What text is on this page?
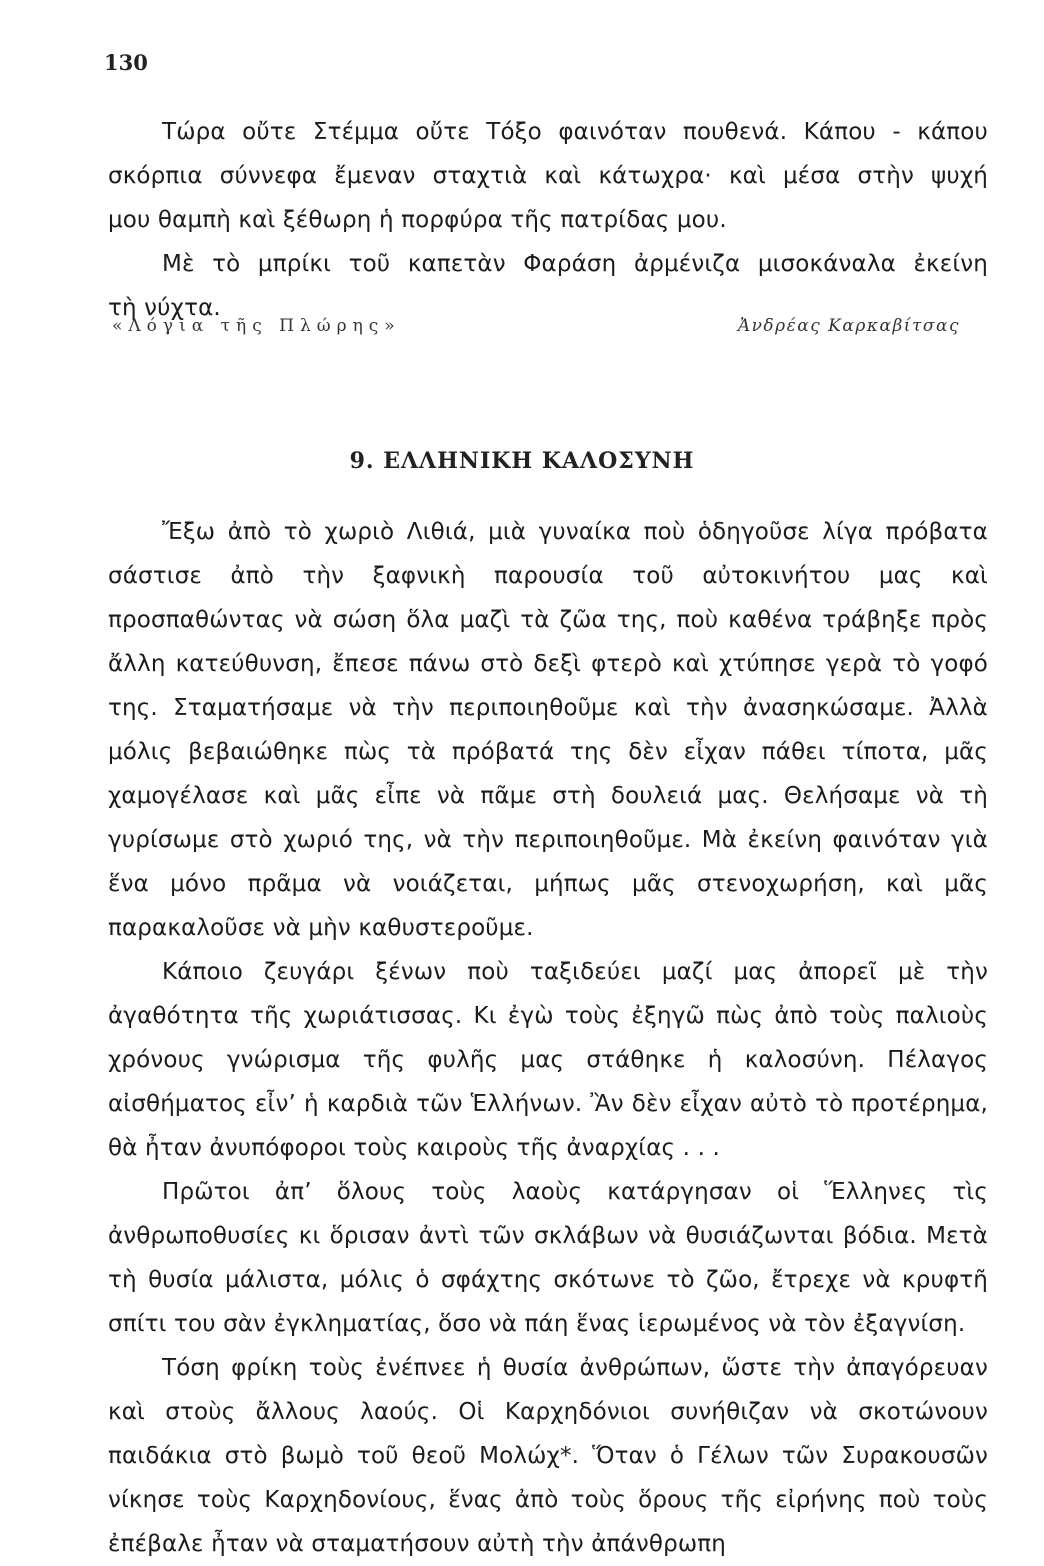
130
Τώρα οὔτε Στέμμα οὔτε Τόξο φαινόταν πουθενά. Κάπου - κάπου
σκόρπια σύννεφα ἔμεναν σταχτιὰ καὶ κάτωχρα· καὶ μέσα στὴν ψυχή
μου θαμπὴ καὶ ξέθωρη ἡ πορφύρα τῆς πατρίδας μου.
Μὲ τὸ μπρίκι τοῦ καπετὰν Φαράση ἀρμένιζα μισοκάναλα ἐκείνη
τὴ νύχτα.
«Λόγια τῆς Πλώρης»	Ἀνδρέας Καρκαβίτσας
9. ΕΛΛΗΝΙΚΗ ΚΑΛΟΣΥΝΗ

Ἔξω ἀπὸ τὸ χωριὸ Λιθιά, μιὰ γυναίκα ποὺ ὁδηγοῦσε λίγα πρόβατα σάστισε ἀπὸ τὴν ξαφνικὴ παρουσία τοῦ αὐτοκινήτου μας καὶ προσπαθώντας νὰ σώση ὅλα μαζὶ τὰ ζῶα της, ποὺ καθένα τράβηξε πρὸς ἄλλη κατεύθυνση, ἔπεσε πάνω στὸ δεξὶ φτερὸ καὶ χτύπησε γερὰ τὸ γοφό της. Σταματήσαμε νὰ τὴν περιποιηθοῦμε καὶ τὴν ἀνασηκώσαμε. Ἀλλὰ μόλις βεβαιώθηκε πὼς τὰ πρόβατά της δὲν εἶχαν πάθει τίποτα, μᾶς χαμογέλασε καὶ μᾶς εἶπε νὰ πᾶμε στὴ δουλειά μας. Θελήσαμε νὰ τὴ γυρίσωμε στὸ χωριό της, νὰ τὴν περιποιηθοῦμε. Μὰ ἐκείνη φαινόταν γιὰ ἕνα μόνο πρᾶμα νὰ νοιάζεται, μήπως μᾶς στενοχωρήση, καὶ μᾶς παρακαλοῦσε νὰ μὴν καθυστεροῦμε.

Κάποιο ζευγάρι ξένων ποὺ ταξιδεύει μαζί μας ἀπορεῖ μὲ τὴν ἀγαθότητα τῆς χωριάτισσας. Κι ἐγὼ τοὺς ἐξηγῶ πὼς ἀπὸ τοὺς παλιοὺς χρόνους γνώρισμα τῆς φυλῆς μας στάθηκε ἡ καλοσύνη. Πέλαγος αἰσθήματος εἶν’ ἡ καρδιὰ τῶν Ἑλλήνων. Ἂν δὲν εἶχαν αὐτὸ τὸ προτέρημα, θὰ ἦταν ἀνυπόφοροι τοὺς καιροὺς τῆς ἀναρχίας . . .

Πρῶτοι ἀπ’ ὅλους τοὺς λαοὺς κατάργησαν οἱ Ἕλληνες τὶς ἀνθρωποθυσίες κι ὅρισαν ἀντὶ τῶν σκλάβων νὰ θυσιάζωνται βόδια. Μετὰ τὴ θυσία μάλιστα, μόλις ὁ σφάχτης σκότωνε τὸ ζῶο, ἔτρεχε νὰ κρυφτῆ σπίτι του σὰν ἐγκληματίας, ὅσο νὰ πάη ἕνας ἱερωμένος νὰ τὸν ἐξαγνίση.

Τόση φρίκη τοὺς ἐνέπνεε ἡ θυσία ἀνθρώπων, ὥστε τὴν ἀπαγόρευαν καὶ στοὺς ἄλλους λαούς. Οἱ Καρχηδόνιοι συνήθιζαν νὰ σκοτώνουν παιδάκια στὸ βωμὸ τοῦ θεοῦ Μολώχ*. Ὅταν ὁ Γέλων τῶν Συρακουσῶν νίκησε τοὺς Καρχηδονίους, ἕνας ἀπὸ τοὺς ὅρους τῆς εἰρήνης ποὺ τοὺς ἐπέβαλε ἦταν νὰ σταματήσουν αὐτὴ τὴν ἀπάνθρωπη
